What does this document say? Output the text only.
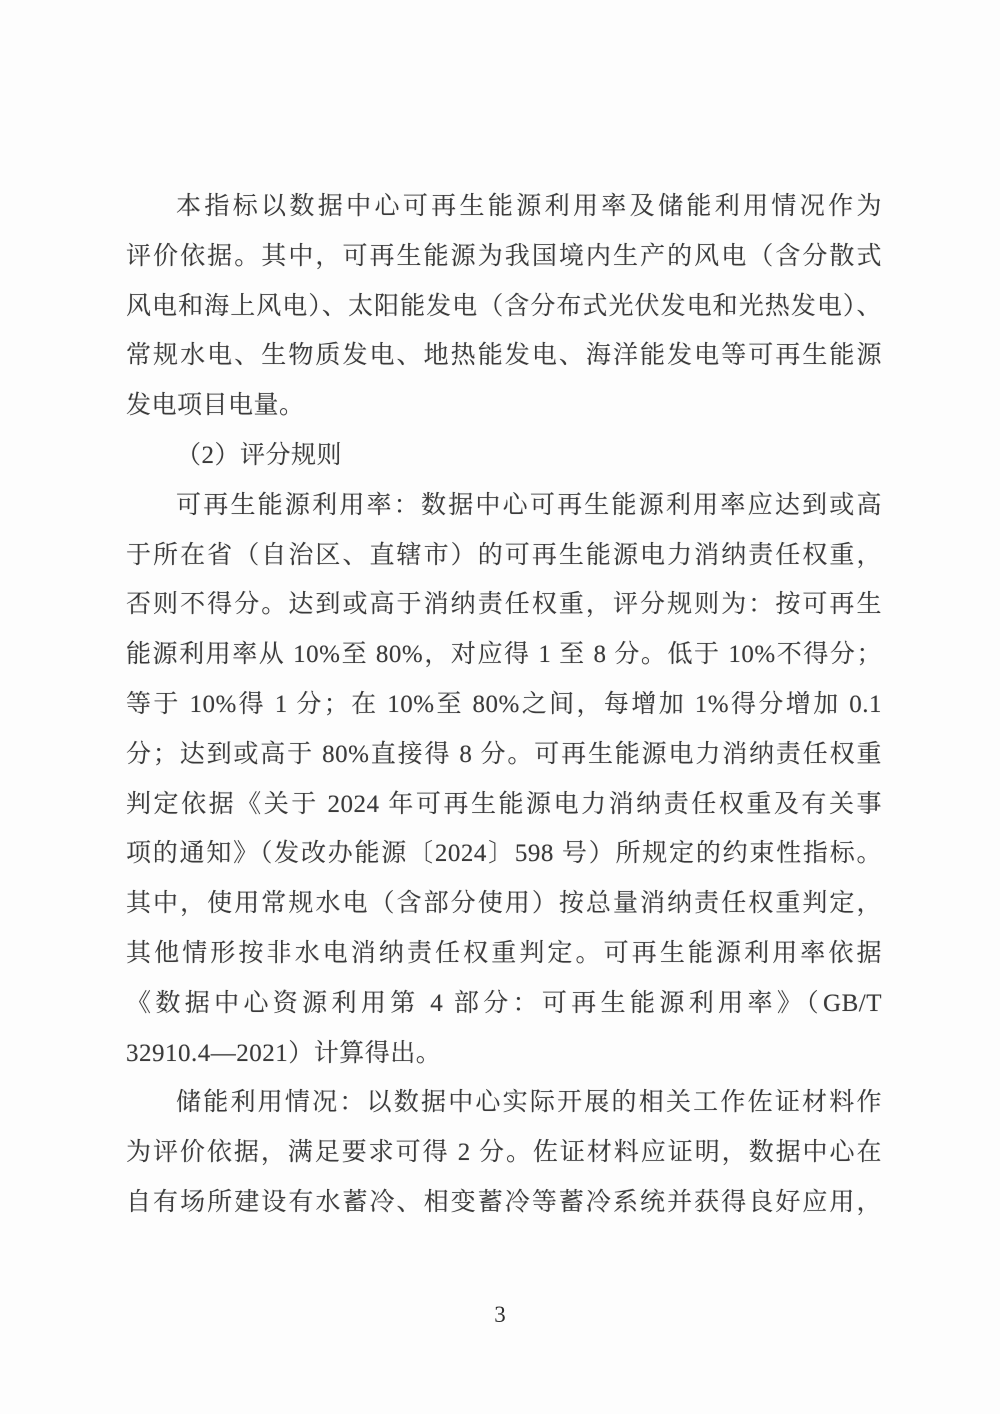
本指标以数据中心可再生能源利用率及储能利用情况作为
评价依据。其中，可再生能源为我国境内生产的风电（含分散式
风电和海上风电）、太阳能发电（含分布式光伏发电和光热发电）、
常规水电、生物质发电、地热能发电、海洋能发电等可再生能源
发电项目电量。
（2）评分规则
可再生能源利用率：数据中心可再生能源利用率应达到或高
于所在省（自治区、直辖市）的可再生能源电力消纳责任权重，
否则不得分。达到或高于消纳责任权重，评分规则为：按可再生
能源利用率从 10%至 80%，对应得 1 至 8 分。低于 10%不得分；
等于 10%得 1 分；在 10%至 80%之间，每增加 1%得分增加 0.1
分；达到或高于 80%直接得 8 分。可再生能源电力消纳责任权重
判定依据《关于 2024 年可再生能源电力消纳责任权重及有关事
项的通知》（发改办能源〔2024〕598 号）所规定的约束性指标。
其中，使用常规水电（含部分使用）按总量消纳责任权重判定，
其他情形按非水电消纳责任权重判定。可再生能源利用率依据
《数据中心资源利用第 4 部分：可再生能源利用率》（GB/T
32910.4—2021）计算得出。
储能利用情况：以数据中心实际开展的相关工作佐证材料作
为评价依据，满足要求可得 2 分。佐证材料应证明，数据中心在
自有场所建设有水蓄冷、相变蓄冷等蓄冷系统并获得良好应用，
3
